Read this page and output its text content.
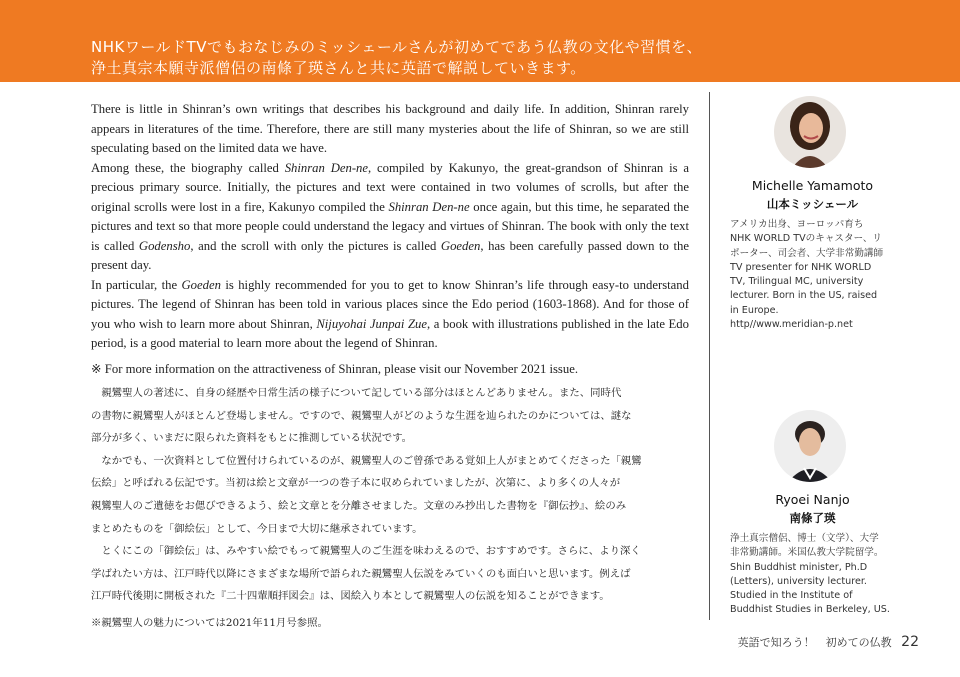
NHKワールドTVでもおなじみのミッシェールさんが初めてであう仏教の文化や習慣を、
浄土真宗本願寺派僧侶の南條了瑛さんと共に英語で解説していきます。

There is little in Shinran’s own writings that describes his background and daily life. In addition, Shinran rarely appears in literatures of the time. Therefore, there are still many mysteries about the life of Shinran, so we are still speculating based on the limited data we have.

Among these, the biography called Shinran Den-ne, compiled by Kakunyo, the great-grandson of Shinran is a precious primary source. Initially, the pictures and text were contained in two volumes of scrolls, but after the original scrolls were lost in a fire, Kakunyo compiled the Shinran Den-ne once again, but this time, he separated the pictures and text so that more people could understand the legacy and virtues of Shinran. The book with only the text is called Godensho, and the scroll with only the pictures is called Goeden, has been carefully passed down to the present day.

In particular, the Goeden is highly recommended for you to get to know Shinran’s life through easy-to understand pictures. The legend of Shinran has been told in various places since the Edo period (1603-1868). And for those of you who wish to learn more about Shinran, Nijuyohai Junpai Zue, a book with illustrations published in the late Edo period, is a good material to learn more about the legend of Shinran.

※ For more information on the attractiveness of Shinran, please visit our November 2021 issue.

親鸞聖人の著述に、自身の経歴や日常生活の様子について記している部分はほとんどありません。また、同時代

の書物に親鸞聖人がほとんど登場しません。ですので、親鸞聖人がどのような生涯を辿られたのかについては、謎な

部分が多く、いまだに限られた資料をもとに推測している状況です。

なかでも、一次資料として位置付けられているのが、親鸞聖人のご曾孫である覚如上人がまとめてくださった「親鸞

伝絵」と呼ばれる伝記です。当初は絵と文章が一つの巻子本に収められていましたが、次第に、より多くの人々が

親鸞聖人のご遺徳をお偲びできるよう、絵と文章とを分離させました。文章のみ抄出した書物を『御伝抄』、絵のみ

まとめたものを「御絵伝」として、今日まで大切に継承されています。

とくにこの「御絵伝」は、みやすい絵でもって親鸞聖人のご生涯を味わえるので、おすすめです。さらに、より深く

学ばれたい方は、江戸時代以降にさまざまな場所で語られた親鸞聖人伝説をみていくのも面白いと思います。例えば

江戸時代後期に開板された『二十四輩順拝図会』は、図絵入り本として親鸞聖人の伝説を知ることができます。

※親鸞聖人の魅力については2021年11月号参照。

Michelle Yamamoto
山本ミッシェール
アメリカ出身、ヨーロッパ育ち
NHK WORLD TVのキャスター、リ
ポーター、司会者、大学非常勤講師
TV presenter for NHK WORLD
TV, Trilingual MC, university
lecturer. Born in the US, raised
in Europe.
http//www.meridian-p.net
Ryoei Nanjo
南條了瑛
浄土真宗僧侶、博士（文学）、大学
非常勤講師。米国仏教大学院留学。
Shin Buddhist minister, Ph.D
(Letters), university lecturer.
Studied in the Institute of
Buddhist Studies in Berkeley, US.
英語で知ろう！　初めての仏教 22
